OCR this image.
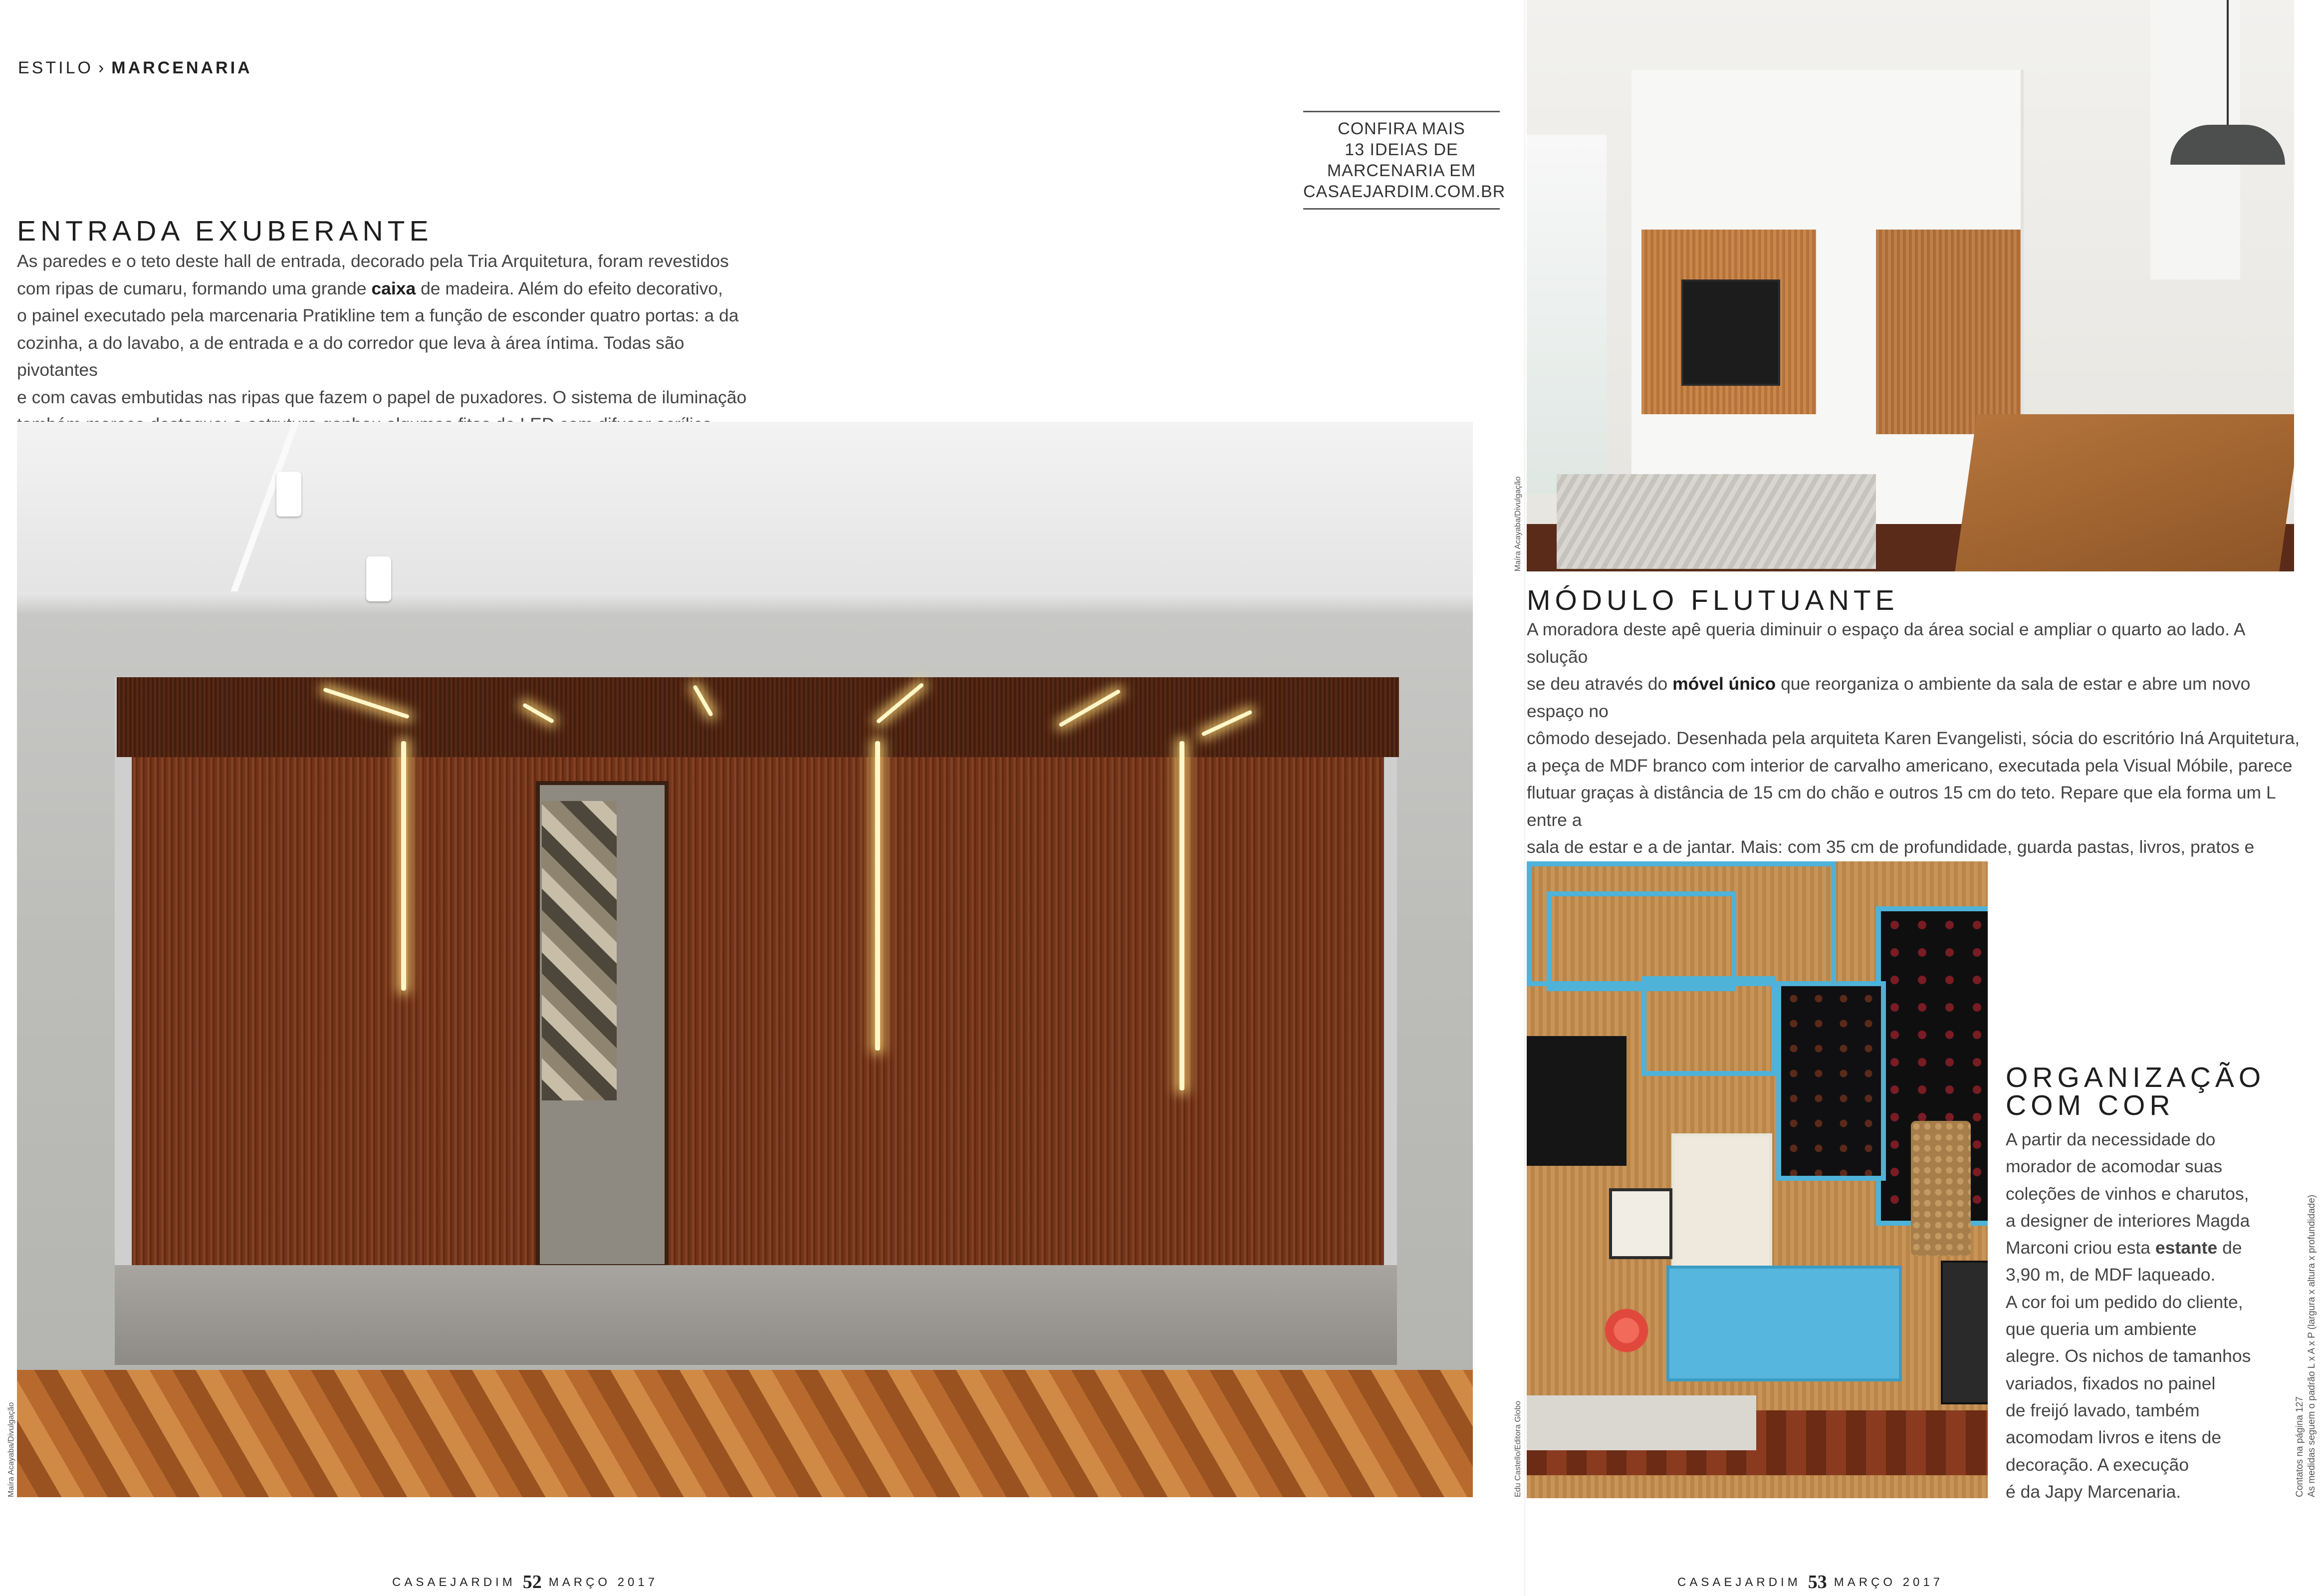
ESTILO › MARCENARIA
CONFIRA MAIS
13 IDEIAS DE
MARCENARIA EM
CASAEJARDIM.COM.BR
ENTRADA EXUBERANTE
As paredes e o teto deste hall de entrada, decorado pela Tria Arquitetura, foram revestidos
com ripas de cumaru, formando uma grande caixa de madeira. Além do efeito decorativo,
o painel executado pela marcenaria Pratikline tem a função de esconder quatro portas: a da
cozinha, a do lavabo, a de entrada e a do corredor que leva à área íntima. Todas são pivotantes
e com cavas embutidas nas ripas que fazem o papel de puxadores. O sistema de iluminação
Maíra Acayaba/Divulgação
Maíra Acayaba/Divulgação
MÓDULO FLUTUANTE
A moradora deste apê queria diminuir o espaço da área social e ampliar o quarto ao lado. A solução
se deu através do móvel único que reorganiza o ambiente da sala de estar e abre um novo espaço no
cômodo desejado. Desenhada pela arquiteta Karen Evangelisti, sócia do escritório Iná Arquitetura,
a peça de MDF branco com interior de carvalho americano, executada pela Visual Móbile, parece
flutuar graças à distância de 15 cm do chão e outros 15 cm do teto. Repare que ela forma um L entre a
sala de estar e a de jantar. Mais: com 35 cm de profundidade, guarda pastas, livros, pratos e
Edu Castello/Editora Globo
ORGANIZAÇÃO
COM COR
A partir da necessidade do
morador de acomodar suas
coleções de vinhos e charutos,
a designer de interiores Magda
Marconi criou esta estante de
3,90 m, de MDF laqueado.
A cor foi um pedido do cliente,
que queria um ambiente
alegre. Os nichos de tamanhos
variados, fixados no painel
de freijó lavado, também
acomodam livros e itens de
decoração. A execução
é da Japy Marcenaria.	Contatos na página 127 As medidas seguem o padrão L x A x P (largura x altura x profundidade)
CASAEJARDIM 52 MARÇO 2017	CASAEJARDIM 53 MARÇO 2017
